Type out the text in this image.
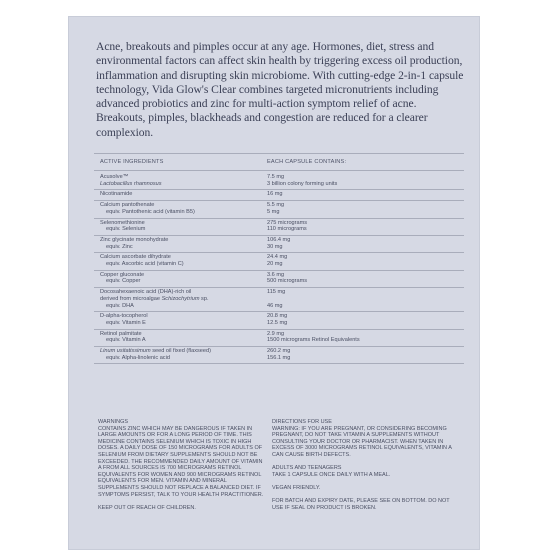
Acne, breakouts and pimples occur at any age. Hormones, diet, stress and environmental factors can affect skin health by triggering excess oil production, inflammation and disrupting skin microbiome. With cutting-edge 2-in-1 capsule technology, Vida Glow's Clear combines targeted micronutrients including advanced probiotics and zinc for multi-action symptom relief of acne. Breakouts, pimples, blackheads and congestion are reduced for a clearer complexion.

ACTIVE INGREDIENTS	EACH CAPSULE CONTAINS:
Acusolve™
Lactobacillus rhamnosus
7.5 mg
3 billion colony forming units
Nicotinamide	16 mg
Calcium pantothenate
equiv. Pantothenic acid (vitamin B5)
5.5 mg
5 mg
Selenomethionine
equiv. Selenium
275 micrograms
110 micrograms
Zinc glycinate monohydrate
equiv. Zinc
106.4 mg
30 mg
Calcium ascorbate dihydrate
equiv. Ascorbic acid (vitamin C)
24.4 mg
20 mg
Copper gluconate
equiv. Copper
3.6 mg
500 micrograms
Docosahexaenoic acid (DHA)-rich oil
derived from microalgae Schizochytrium sp.
equiv. DHA
115 mg

46 mg
D-alpha-tocopherol
equiv. Vitamin E
20.8 mg
12.5 mg
Retinol palmitate
equiv. Vitamin A
2.9 mg
1500 micrograms Retinol Equivalents
Linum usitatissimum seed oil fixed (flaxseed)
equiv. Alpha-linolenic acid
260.2 mg
156.1 mg
WARNINGS
CONTAINS ZINC WHICH MAY BE DANGEROUS IF TAKEN IN LARGE AMOUNTS OR FOR A LONG PERIOD OF TIME. THIS MEDICINE CONTAINS SELENIUM WHICH IS TOXIC IN HIGH DOSES. A DAILY DOSE OF 150 MICROGRAMS FOR ADULTS OF SELENIUM FROM DIETARY SUPPLEMENTS SHOULD NOT BE EXCEEDED. THE RECOMMENDED DAILY AMOUNT OF VITAMIN A FROM ALL SOURCES IS 700 MICROGRAMS RETINOL EQUIVALENTS FOR WOMEN AND 900 MICROGRAMS RETINOL EQUIVALENTS FOR MEN. VITAMIN AND MINERAL SUPPLEMENTS SHOULD NOT REPLACE A BALANCED DIET. IF SYMPTOMS PERSIST, TALK TO YOUR HEALTH PRACTITIONER.
KEEP OUT OF REACH OF CHILDREN.
DIRECTIONS FOR USE
WARNING: IF YOU ARE PREGNANT, OR CONSIDERING BECOMING PREGNANT, DO NOT TAKE VITAMIN A SUPPLEMENTS WITHOUT CONSULTING YOUR DOCTOR OR PHARMACIST. WHEN TAKEN IN EXCESS OF 3000 MICROGRAMS RETINOL EQUIVALENTS, VITAMIN A CAN CAUSE BIRTH DEFECTS.
ADULTS AND TEENAGERS
TAKE 1 CAPSULE ONCE DAILY WITH A MEAL.
VEGAN FRIENDLY.
FOR BATCH AND EXPIRY DATE, PLEASE SEE ON BOTTOM. DO NOT USE IF SEAL ON PRODUCT IS BROKEN.
